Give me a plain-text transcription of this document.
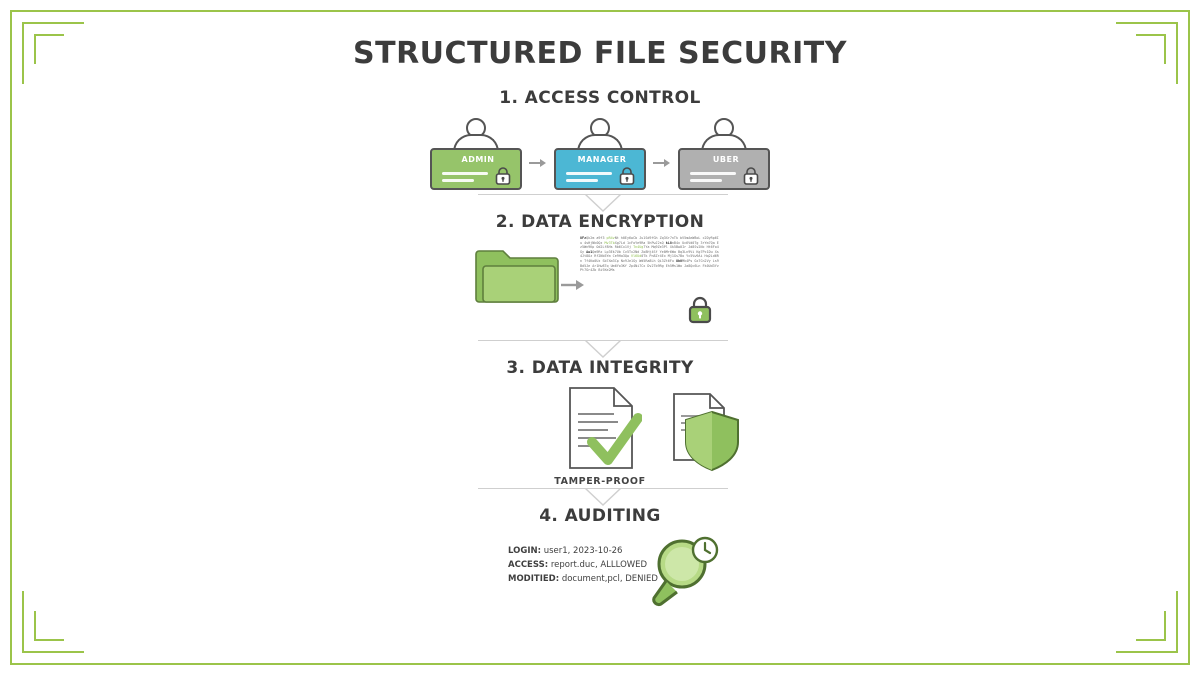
STRUCTURED FILE SECURITY
1. ACCESS CONTROL
ADMIN	MANAGER	UBER
2. DATA ENCRYPTION
8FzQk2m a9f3 pR4vNt h0Ey6wCb Ju1Sd9fGh Zq3Xr7nTk bV5mAeW8oL c2DyRp6Iu 4sHjNk0Qz Mv3TbXg7Ld 1cFoYe9Ra 5hPwJ2sQ kL8nB4x Uc6Vd0Tg 3rYm7Qa Ez5Wn9Kp Od2Lf8Hs Rb6Cx1Vj Tn4Ug7Ya Mq9Ze3Pl Xk5Bw0Ir Jd8Sv2Nc Ht6Fo4Gy Aw1Qm9Rz Lp3Ek7Ub Cv5Tx2Nd Zo8Hj4Sf Ye0Mr6Wa Bq3Ln9Vi Kg7Pc1Du Xs4Jt8Oz Rf2Nb5Ym Ce9Ha3Qw Vl6Ud0Tk Pn8Zr4Ex Mj1Gs7Bo Yc5Vw9Ai Hq2Ld6Rn Tf4Ko0Uz Sb7Xm3Cp Nv9Je1Gy Wd5Ra8Lh Qi3Zt6Fu Ob0Mk4Ps Gx7Cn2Vy Ls9Bd5Je Ar1Hw8Tq Um6Yo3Kf Zp4Ni7Cx Dv2Tb9Rg Eh5Ms1Wo Ja8Qc6Ln Fk0Ud3Yv Pt7Gr4Zb Bi9Xe2Ms
3. DATA INTEGRITY
TAMPER-PROOF
4. AUDITING
LOGIN: user1, 2023-10-26
ACCESS: report.duc, ALLLOWED
MODITIED: document,pcl, DENIED
